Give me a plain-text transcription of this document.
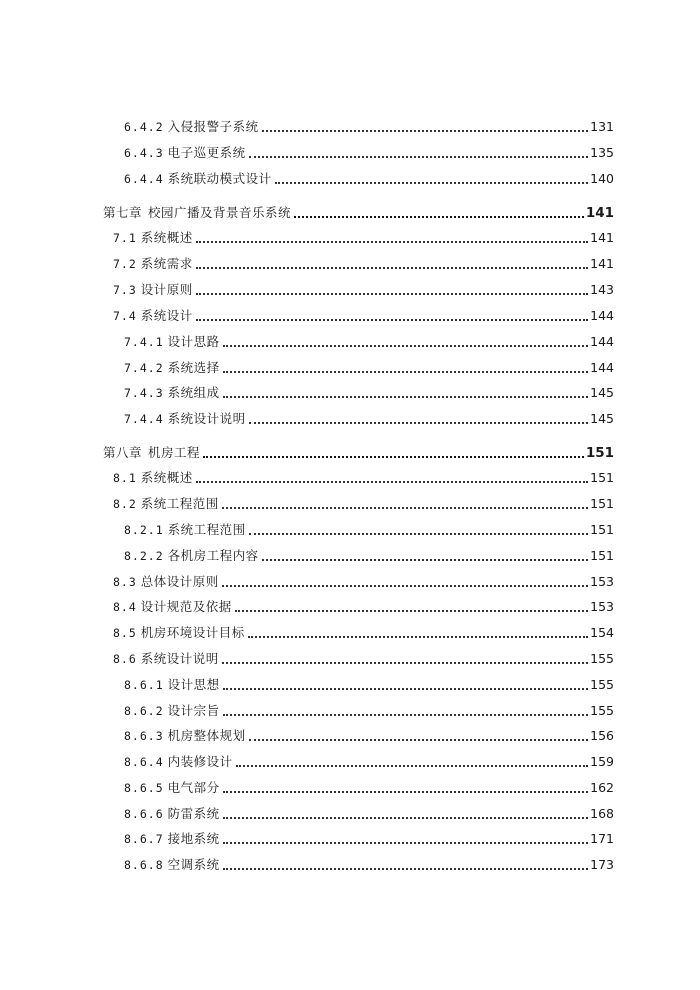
6.4.2 入侵报警子系统	131
6.4.3 电子巡更系统	135
6.4.4 系统联动模式设计	140
第七章 校园广播及背景音乐系统	141
7.1 系统概述	141
7.2 系统需求	141
7.3 设计原则	143
7.4 系统设计	144
7.4.1 设计思路	144
7.4.2 系统选择	144
7.4.3 系统组成	145
7.4.4 系统设计说明	145
第八章 机房工程	151
8.1 系统概述	151
8.2 系统工程范围	151
8.2.1 系统工程范围	151
8.2.2 各机房工程内容	151
8.3 总体设计原则	153
8.4 设计规范及依据	153
8.5 机房环境设计目标	154
8.6 系统设计说明	155
8.6.1 设计思想	155
8.6.2 设计宗旨	155
8.6.3 机房整体规划	156
8.6.4 内装修设计	159
8.6.5 电气部分	162
8.6.6 防雷系统	168
8.6.7 接地系统	171
8.6.8 空调系统	173
